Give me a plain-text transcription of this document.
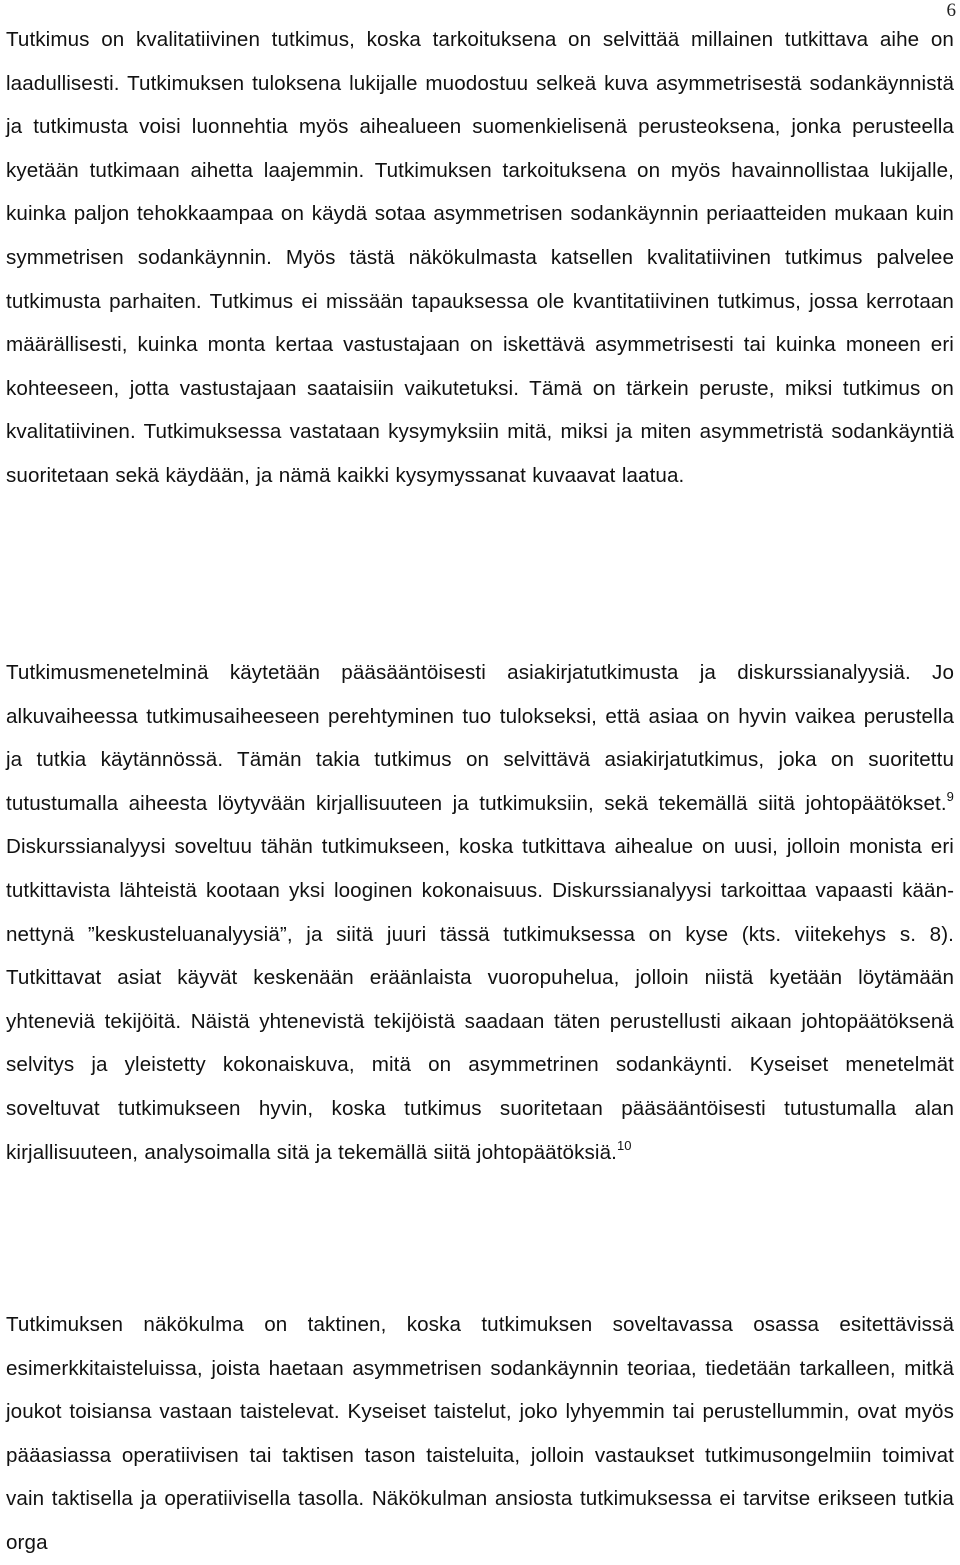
6

Tutkimus on kvalitatiivinen tutkimus, koska tarkoituksena on selvittää millainen tutkittava aihe on laadullisesti. Tutkimuksen tuloksena lukijalle muodostuu selkeä kuva asymmetrisestä sodankäynnistä ja tutkimusta voisi luonnehtia myös aihealueen suomenkielisenä perusteoksena, jonka perusteella kyetään tutkimaan aihetta laajemmin. Tutkimuksen tarkoituksena on myös havainnollistaa lukijalle, kuinka paljon tehokkaampaa on käydä sotaa asymmetrisen sodankäynnin periaatteiden mukaan kuin symmetrisen sodankäynnin. Myös tästä näkökulmasta katsellen kvalitatiivinen tutkimus palvelee tutkimusta parhaiten. Tutkimus ei missään tapauksessa ole kvantitatiivinen tutkimus, jossa kerrotaan määrällisesti, kuinka monta kertaa vastustajaan on iskettävä asymmetrisesti tai kuinka moneen eri kohteeseen, jotta vastustajaan saataisiin vaikutetuksi. Tämä on tärkein peruste, miksi tutkimus on kvalitatiivinen. Tutkimuksessa vastataan kysymyksiin mitä, miksi ja miten asymmetristä sodankäyntiä suoritetaan sekä käydään, ja nämä kaikki kysymyssanat kuvaavat laatua.

Tutkimusmenetelminä käytetään pääsääntöisesti asiakirjatutkimusta ja diskurssianalyysiä. Jo alkuvaiheessa tutkimusaiheeseen perehtyminen tuo tulokseksi, että asiaa on hyvin vaikea perustella ja tutkia käytännössä. Tämän takia tutkimus on selvittävä asiakirjatutkimus, joka on suoritettu tutustumalla aiheesta löytyvään kirjallisuuteen ja tutkimuksiin, sekä tekemällä siitä johtopäätökset.$^9$ Diskurssianalyysi soveltuu tähän tutkimukseen, koska tutkittava aihealue on uusi, jolloin monista eri tutkittavista lähteistä kootaan yksi looginen kokonaisuus. Diskurssianalyysi tarkoittaa vapaasti käännettynä ”keskusteluanalyysiä”, ja siitä juuri tässä tutkimuksessa on kyse (kts. viitekehys s. 8). Tutkittavat asiat käyvät keskenään eräänlaista vuoropuhelua, jolloin niistä kyetään löytämään yhteneviä tekijöitä. Näistä yhtenevistä tekijöistä saadaan täten perustellusti aikaan johtopäätöksenä selvitys ja yleistetty kokonaiskuva, mitä on asymmetrinen sodankäynti. Kyseiset menetelmät soveltuvat tutkimukseen hyvin, koska tutkimus suoritetaan pääsääntöisesti tutustumalla alan kirjallisuuteen, analysoimalla sitä ja tekemällä siitä johtopäätöksiä.$^{10}$

Tutkimuksen näkökulma on taktinen, koska tutkimuksen soveltavassa osassa esitettävissä esimerkkitaisteluissa, joista haetaan asymmetrisen sodankäynnin teoriaa, tiedetään tarkalleen, mitkä joukot toisiansa vastaan taistelevat. Kyseiset taistelut, joko lyhyemmin tai perustellummin, ovat myös pääasiassa operatiivisen tai taktisen tason taisteluita, jolloin vastaukset tutkimusongelmiin toimivat vain taktisella ja operatiivisella tasolla. Näkökulman ansiosta tutkimuksessa ei tarvitse erikseen tutkia orga
